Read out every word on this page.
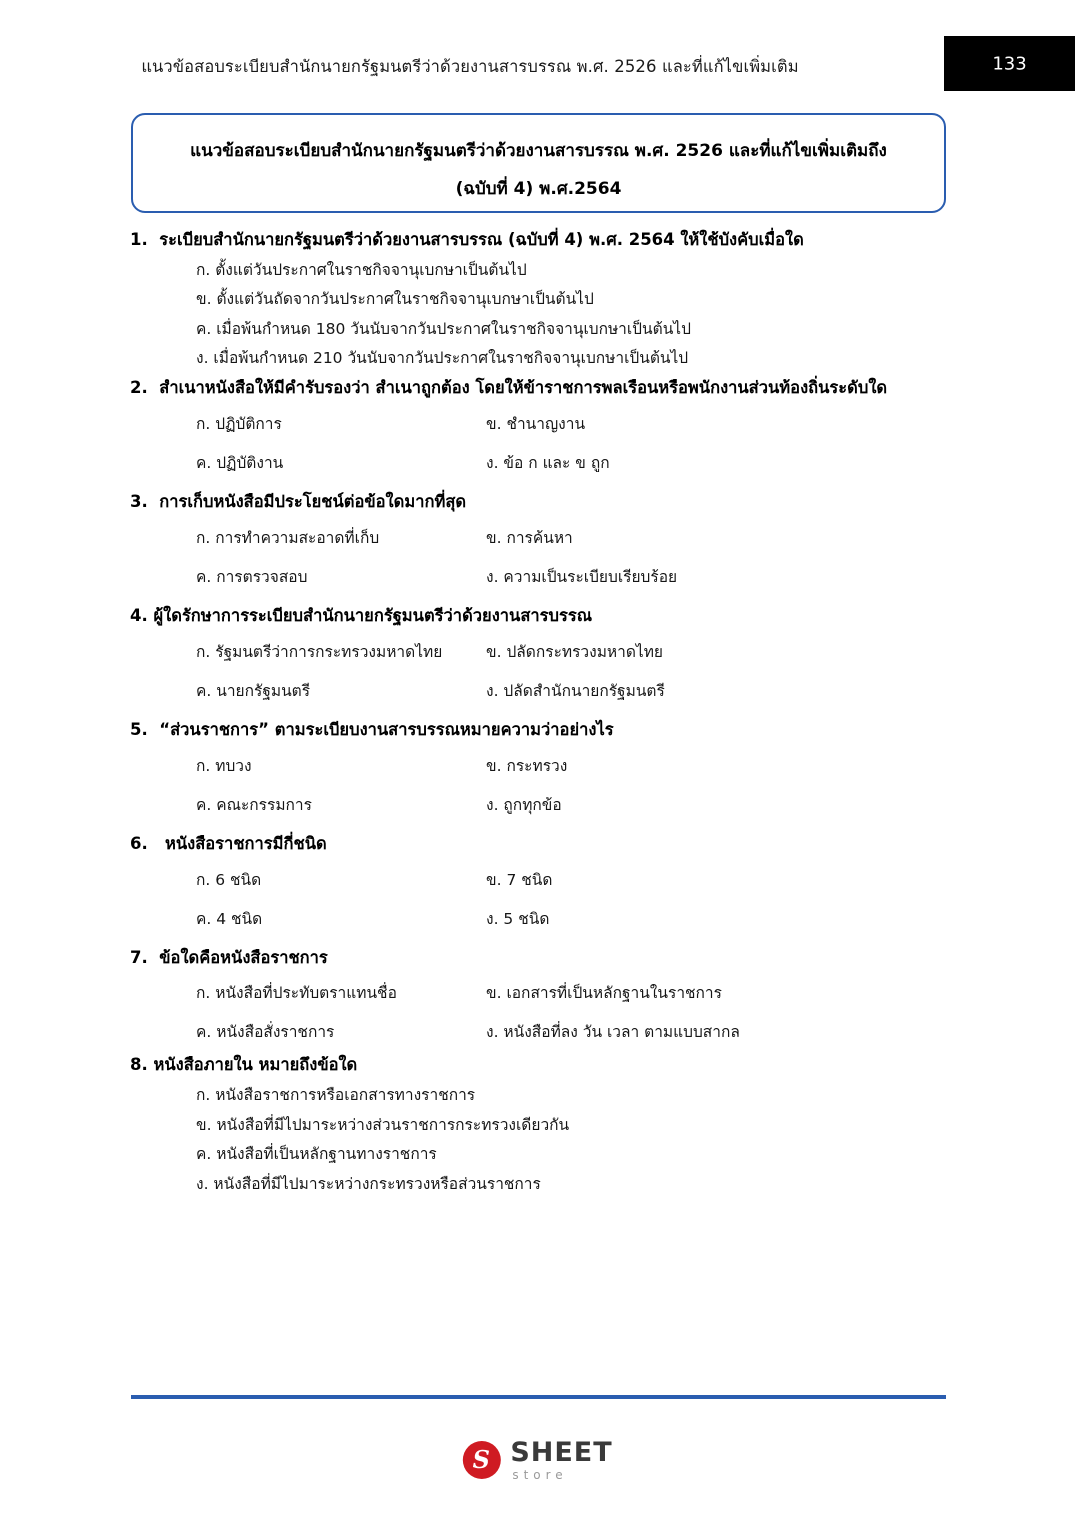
แนวข้อสอบระเบียบสำนักนายกรัฐมนตรีว่าด้วยงานสารบรรณ พ.ศ. 2526 และที่แก้ไขเพิ่มเติม	133
แนวข้อสอบระเบียบสำนักนายกรัฐมนตรีว่าด้วยงานสารบรรณ พ.ศ. 2526 และที่แก้ไขเพิ่มเติมถึง
(ฉบับที่ 4) พ.ศ.2564
1. ระเบียบสำนักนายกรัฐมนตรีว่าด้วยงานสารบรรณ (ฉบับที่ 4) พ.ศ. 2564 ให้ใช้บังคับเมื่อใด
ก. ตั้งแต่วันประกาศในราชกิจจานุเบกษาเป็นต้นไป
ข. ตั้งแต่วันถัดจากวันประกาศในราชกิจจานุเบกษาเป็นต้นไป
ค. เมื่อพ้นกำหนด 180 วันนับจากวันประกาศในราชกิจจานุเบกษาเป็นต้นไป
ง. เมื่อพ้นกำหนด 210 วันนับจากวันประกาศในราชกิจจานุเบกษาเป็นต้นไป
2. สำเนาหนังสือให้มีคำรับรองว่า สำเนาถูกต้อง โดยให้ข้าราชการพลเรือนหรือพนักงานส่วนท้องถิ่นระดับใด
ก. ปฏิบัติการ	ข. ชำนาญงาน
ค. ปฏิบัติงาน	ง. ข้อ ก และ ข ถูก
3. การเก็บหนังสือมีประโยชน์ต่อข้อใดมากที่สุด
ก. การทำความสะอาดที่เก็บ	ข. การค้นหา
ค. การตรวจสอบ	ง. ความเป็นระเบียบเรียบร้อย
4. ผู้ใดรักษาการระเบียบสำนักนายกรัฐมนตรีว่าด้วยงานสารบรรณ
ก. รัฐมนตรีว่าการกระทรวงมหาดไทย	ข. ปลัดกระทรวงมหาดไทย
ค. นายกรัฐมนตรี	ง. ปลัดสำนักนายกรัฐมนตรี
5. “ส่วนราชการ” ตามระเบียบงานสารบรรณหมายความว่าอย่างไร
ก. ทบวง	ข. กระทรวง
ค. คณะกรรมการ	ง. ถูกทุกข้อ
6.   หนังสือราชการมีกี่ชนิด
ก. 6 ชนิด	ข. 7 ชนิด
ค. 4 ชนิด	ง. 5 ชนิด
7. ข้อใดคือหนังสือราชการ
ก. หนังสือที่ประทับตราแทนชื่อ	ข. เอกสารที่เป็นหลักฐานในราชการ
ค. หนังสือสั่งราชการ	ง. หนังสือที่ลง วัน เวลา ตามแบบสากล
8. หนังสือภายใน หมายถึงข้อใด
ก. หนังสือราชการหรือเอกสารทางราชการ
ข. หนังสือที่มีไปมาระหว่างส่วนราชการกระทรวงเดียวกัน
ค. หนังสือที่เป็นหลักฐานทางราชการ
ง. หนังสือที่มีไปมาระหว่างกระทรวงหรือส่วนราชการ
S
SHEET
store
